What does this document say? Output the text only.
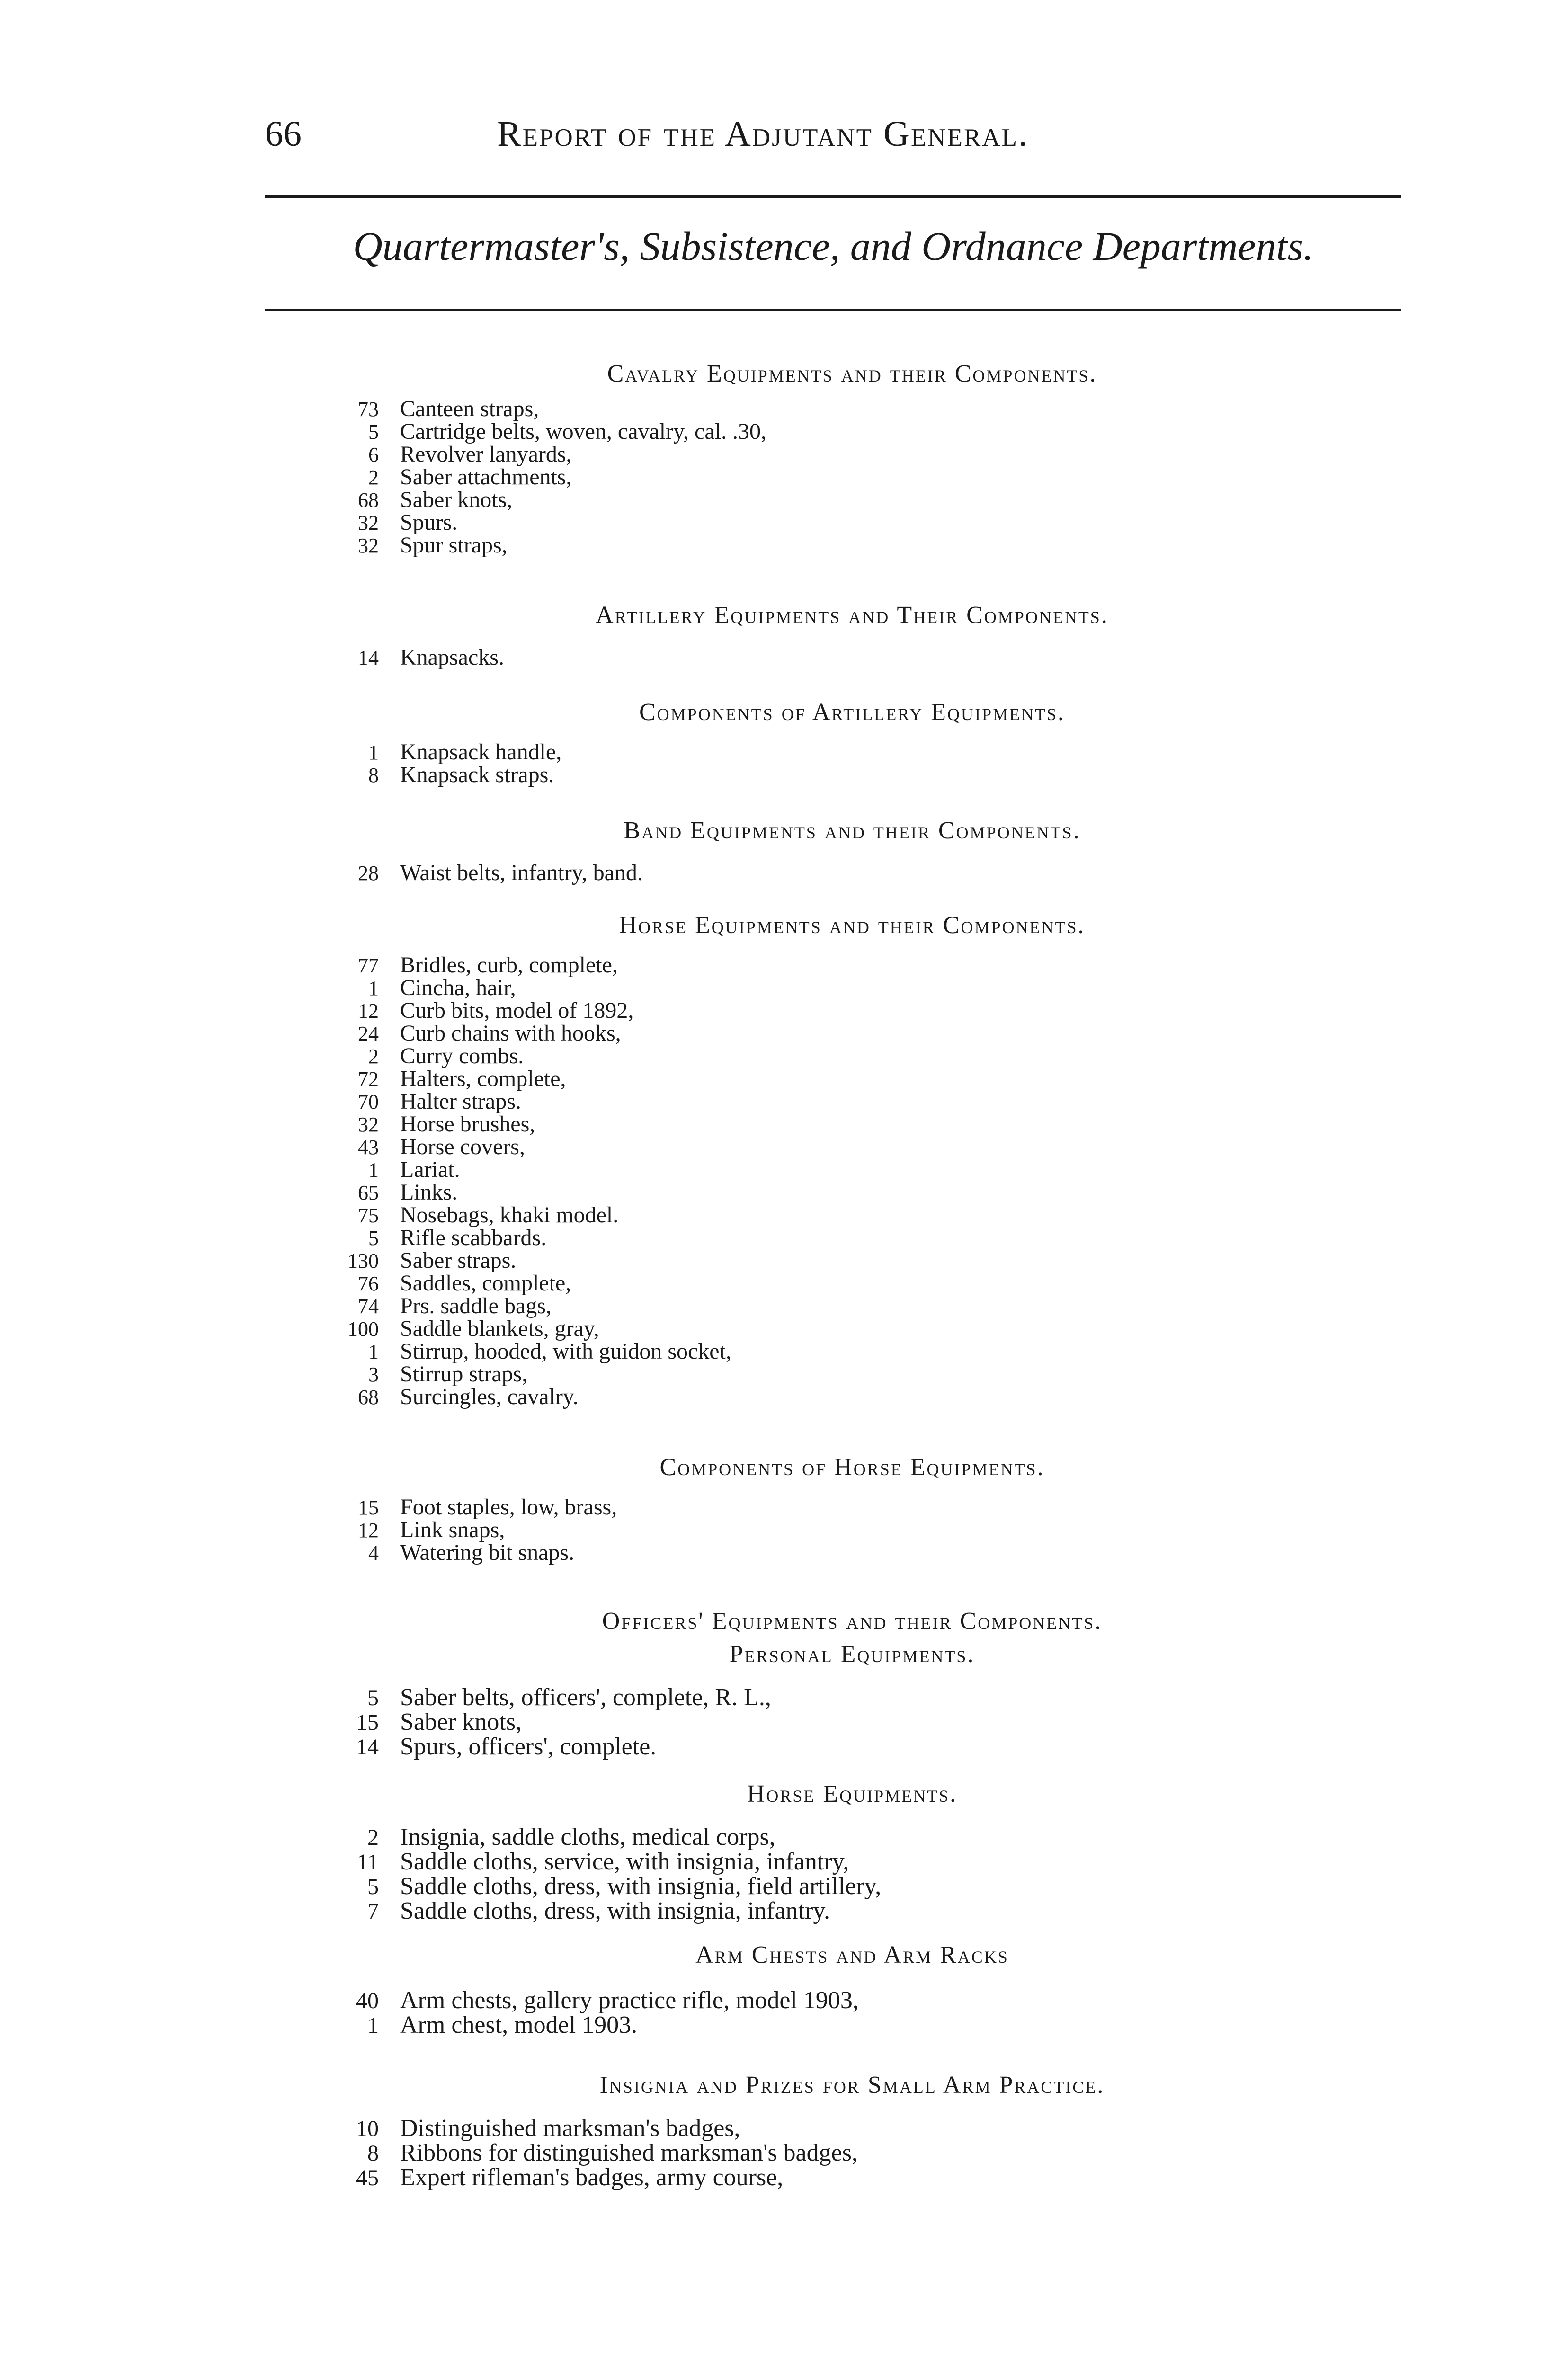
66	Report of the Adjutant General.
Quartermaster's, Subsistence, and Ordnance Departments.
Cavalry Equipments and their Components.
73 Canteen straps,
5 Cartridge belts, woven, cavalry, cal. .30,
6 Revolver lanyards,
2 Saber attachments,
68 Saber knots,
32 Spurs.
32 Spur straps,
Artillery Equipments and Their Components.
14 Knapsacks.
Components of Artillery Equipments.
1 Knapsack handle,
8 Knapsack straps.
Band Equipments and their Components.
28 Waist belts, infantry, band.
Horse Equipments and their Components.
77 Bridles, curb, complete,
1 Cincha, hair,
12 Curb bits, model of 1892,
24 Curb chains with hooks,
2 Curry combs.
72 Halters, complete,
70 Halter straps.
32 Horse brushes,
43 Horse covers,
1 Lariat.
65 Links.
75 Nosebags, khaki model.
5 Rifle scabbards.
130 Saber straps.
76 Saddles, complete,
74 Prs. saddle bags,
100 Saddle blankets, gray,
1 Stirrup, hooded, with guidon socket,
3 Stirrup straps,
68 Surcingles, cavalry.
Components of Horse Equipments.
15 Foot staples, low, brass,
12 Link snaps,
4 Watering bit snaps.
Officers' Equipments and their Components.
Personal Equipments.
5 Saber belts, officers', complete, R. L.,
15 Saber knots,
14 Spurs, officers', complete.
Horse Equipments.
2 Insignia, saddle cloths, medical corps,
11 Saddle cloths, service, with insignia, infantry,
5 Saddle cloths, dress, with insignia, field artillery,
7 Saddle cloths, dress, with insignia, infantry.
Arm Chests and Arm Racks
40 Arm chests, gallery practice rifle, model 1903,
1 Arm chest, model 1903.
Insignia and Prizes for Small Arm Practice.
10 Distinguished marksman's badges,
8 Ribbons for distinguished marksman's badges,
45 Expert rifleman's badges, army course,
